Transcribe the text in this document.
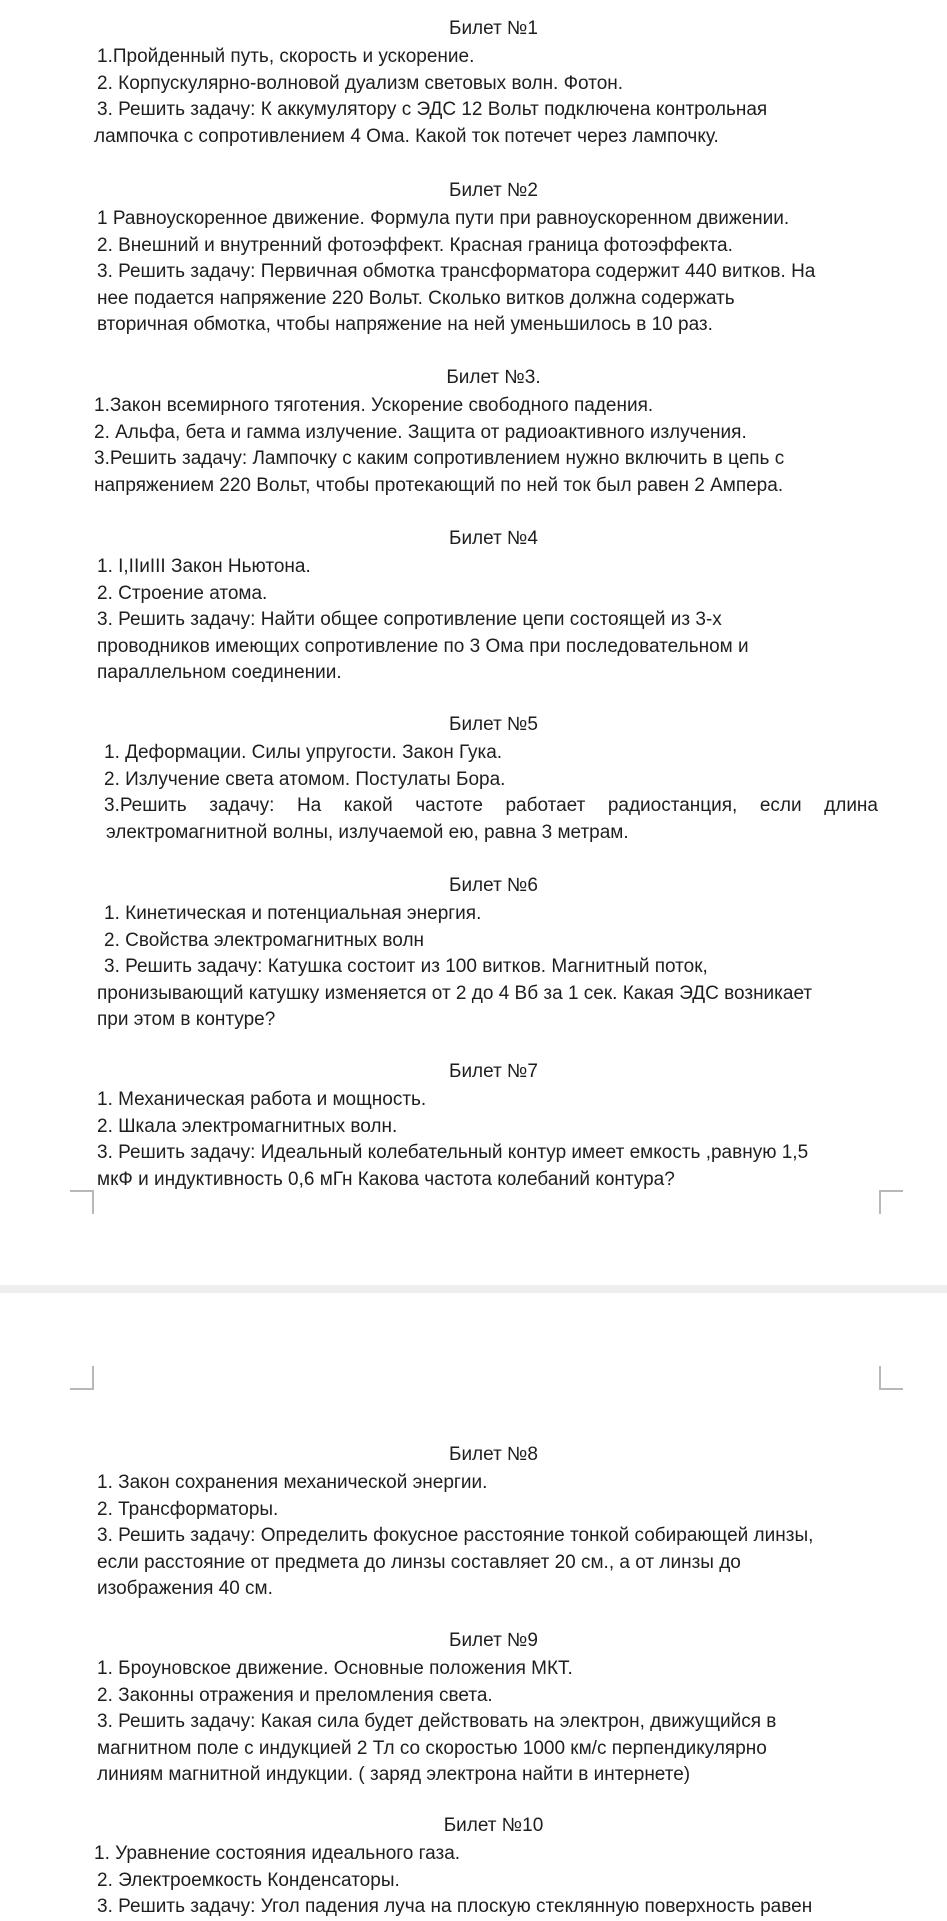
Билет №1
1.Пройденный путь, скорость и ускорение.
2. Корпускулярно-волновой дуализм световых волн. Фотон.
3. Решить задачу: К аккумулятору с ЭДС 12 Вольт подключена контрольная
лампочка с сопротивлением 4 Ома. Какой ток потечет через лампочку.
Билет №2
1 Равноускоренное движение. Формула пути при равноускоренном движении.
2. Внешний и внутренний фотоэффект. Красная граница фотоэффекта.
3. Решить задачу: Первичная обмотка трансформатора содержит 440 витков. На
нее подается напряжение 220 Вольт. Сколько витков должна содержать
вторичная обмотка, чтобы напряжение на ней уменьшилось в 10 раз.
Билет №3.
1.Закон всемирного тяготения. Ускорение свободного падения.
2. Альфа, бета и гамма излучение. Защита от радиоактивного излучения.
3.Решить задачу: Лампочку с каким сопротивлением нужно включить в цепь с
напряжением 220 Вольт, чтобы протекающий по ней ток был равен 2 Ампера.
Билет №4
1. I,IIиIII Закон Ньютона.
2. Строение атома.
3. Решить задачу: Найти общее сопротивление цепи состоящей из 3-х
проводников имеющих сопротивление по 3 Ома при последовательном и
параллельном соединении.
Билет №5
1. Деформации. Силы упругости. Закон Гука.
2. Излучение света атомом. Постулаты Бора.
3.Решить задачу: На какой частоте работает радиостанция, если длина
электромагнитной волны, излучаемой ею, равна 3 метрам.
Билет №6
1. Кинетическая и потенциальная энергия.
2. Свойства электромагнитных волн
3. Решить задачу: Катушка состоит из 100 витков. Магнитный поток,
пронизывающий катушку изменяется от 2 до 4 Вб за 1 сек. Какая ЭДС возникает
при этом в контуре?
Билет №7
1. Механическая работа и мощность.
2. Шкала электромагнитных волн.
3. Решить задачу: Идеальный колебательный контур имеет емкость ,равную 1,5
мкФ и индуктивность 0,6 мГн Какова частота колебаний контура?
Билет №8
1. Закон сохранения механической энергии.
2. Трансформаторы.
3. Решить задачу: Определить фокусное расстояние тонкой собирающей линзы,
если расстояние от предмета до линзы составляет 20 см., а от линзы до
изображения 40 см.
Билет №9
1. Броуновское движение. Основные положения МКТ.
2. Законны отражения и преломления света.
3. Решить задачу: Какая сила будет действовать на электрон, движущийся в
магнитном поле с индукцией 2 Тл со скоростью 1000 км/с перпендикулярно
линиям магнитной индукции. ( заряд электрона найти в интернете)
Билет №10
1. Уравнение состояния идеального газа.
2. Электроемкость Конденсаторы.
3. Решить задачу: Угол падения луча на плоскую стеклянную поверхность равен
